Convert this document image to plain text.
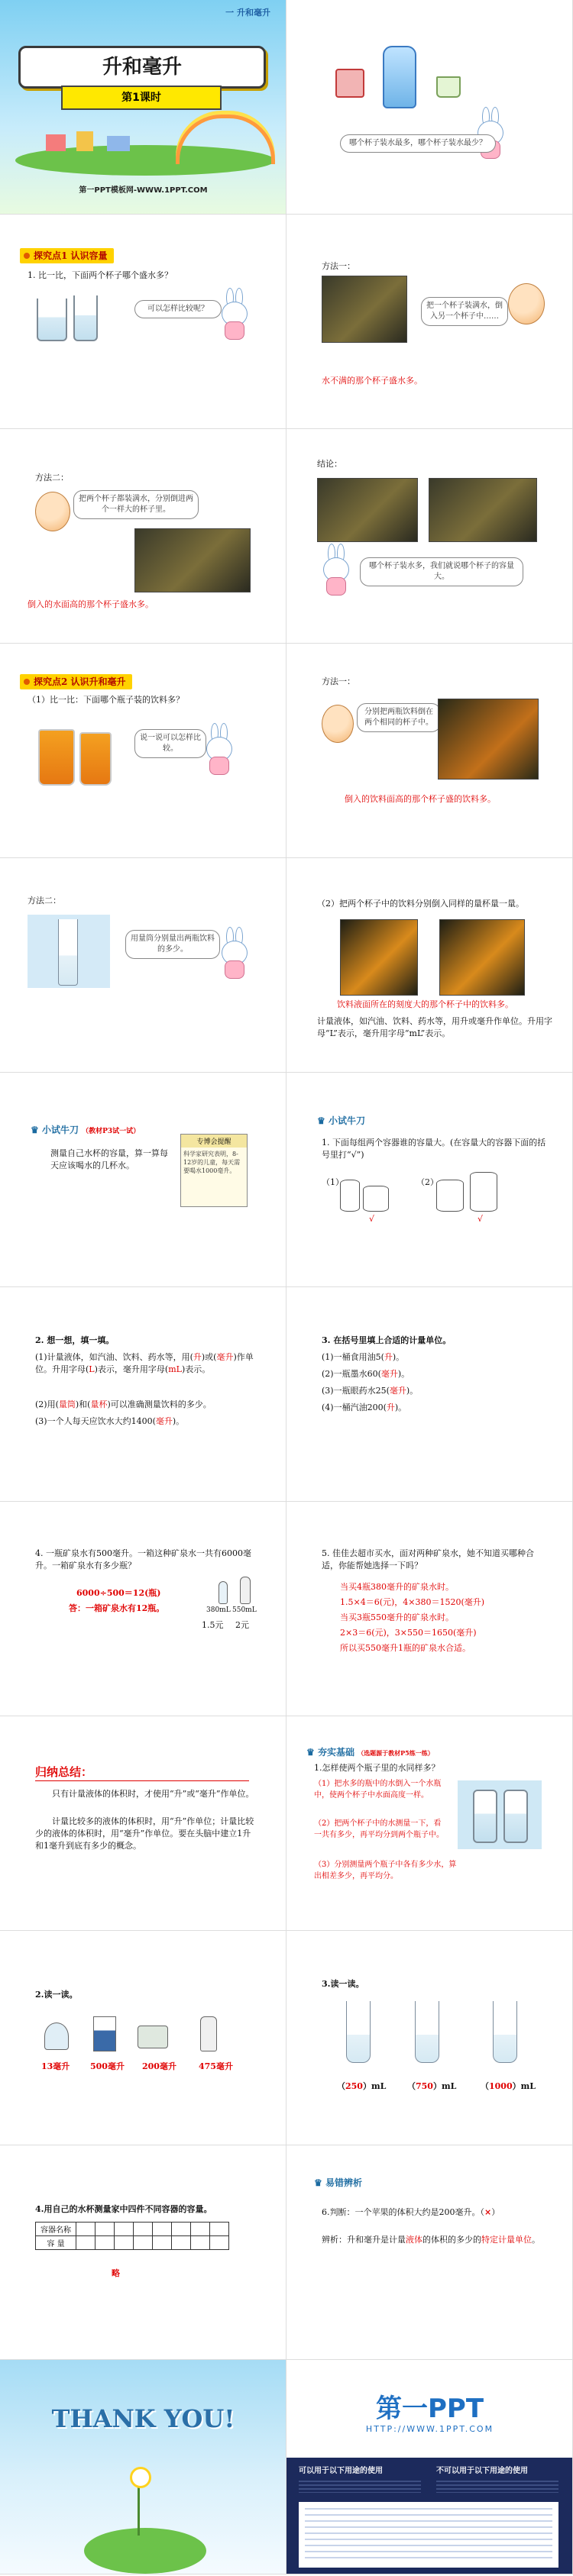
一 升和毫升
升和毫升
第1课时
第一PPT模板网-WWW.1PPT.COM
哪个杯子装水最多，哪个杯子装水最少？
探究点1 认识容量
1. 比一比，下面两个杯子哪个盛水多？
可以怎样比较呢？
方法一：
把一个杯子装满水，倒入另一个杯子中……
水不满的那个杯子盛水多。
方法二：
把两个杯子都装满水，分别倒进两个一样大的杯子里。
倒入的水面高的那个杯子盛水多。
结论：
哪个杯子装水多，我们就说哪个杯子的容量大。
探究点2 认识升和毫升
（1）比一比：下面哪个瓶子装的饮料多？
说一说可以怎样比较。
方法一：
分别把两瓶饮料倒在两个相同的杯子中。
倒入的饮料面高的那个杯子盛的饮料多。
方法二：
用量筒分别量出两瓶饮料的多少。
（2）把两个杯子中的饮料分别倒入同样的量杯量一量。
饮料液面所在的刻度大的那个杯子中的饮料多。
计量液体，如汽油、饮料、药水等，用升或毫升作单位。升用字母“L”表示，毫升用字母“mL”表示。
♛ 小试牛刀 （教材P3试一试）
测量自己水杯的容量，算一算每天应该喝水的几杯水。
专博会提醒
科学家研究表明，8-12岁的儿童，每天需要喝水1000毫升。
♛ 小试牛刀
1. 下面每组两个容器谁的容量大。(在容量大的容器下面的括号里打“√”)
（1）
√
（2）
√
2. 想一想，填一填。
(1)计量液体，如汽油、饮料、药水等，用(升)或(毫升)作单位。升用字母(L)表示，毫升用字母(mL)表示。
(2)用(量筒)和(量杯)可以准确测量饮料的多少。
(3)一个人每天应饮水大约1400(毫升)。
3. 在括号里填上合适的计量单位。
(1)一桶食用油5(升)。
(2)一瓶墨水60(毫升)。
(3)一瓶眼药水25(毫升)。
(4)一桶汽油200(升)。
4. 一瓶矿泉水有500毫升。一箱这种矿泉水一共有6000毫升。一箱矿泉水有多少瓶？
6000÷500＝12(瓶)
答：一箱矿泉水有12瓶。	380mL 550mL
1.5元 2元
5. 佳佳去超市买水，面对两种矿泉水，她不知道买哪种合适，你能帮她选择一下吗？
当买4瓶380毫升的矿泉水时。
1.5×4＝6(元)，4×380＝1520(毫升)
当买3瓶550毫升的矿泉水时。
2×3＝6(元)，3×550＝1650(毫升)
所以买550毫升1瓶的矿泉水合适。
归纳总结：
只有计量液体的体积时，才使用“升”或“毫升”作单位。
计量比较多的液体的体积时，用“升”作单位；计量比较少的液体的体积时，用“毫升”作单位。要在头脑中建立1升和1毫升到底有多少的概念。
♛ 夯实基础 （选题源于教材P5练一练）
1.怎样使两个瓶子里的水同样多？
（1）把水多的瓶中的水倒入一个水瓶中，使两个杯子中水面高度一样。
（2）把两个杯子中的水测量一下，看一共有多少，再平均分到两个瓶子中。
（3）分别测量两个瓶子中各有多少水，算出相差多少，再平均分。
2.读一读。
13毫升 500毫升 200毫升	475毫升
3.读一读。
（250）mL	（750）mL	（1000）mL
4.用自己的水杯测量家中四件不同容器的容量。
容器名称								
容 量								
略
♛ 易错辨析
6.判断：一个苹果的体积大约是200毫升。（×）
辨析：升和毫升是计量液体的体积的多少的特定计量单位。
THANK YOU!	第一PPT
HTTP://WWW.1PPT.COM
可以用于以下用途的使用	不可以用于以下用途的使用
